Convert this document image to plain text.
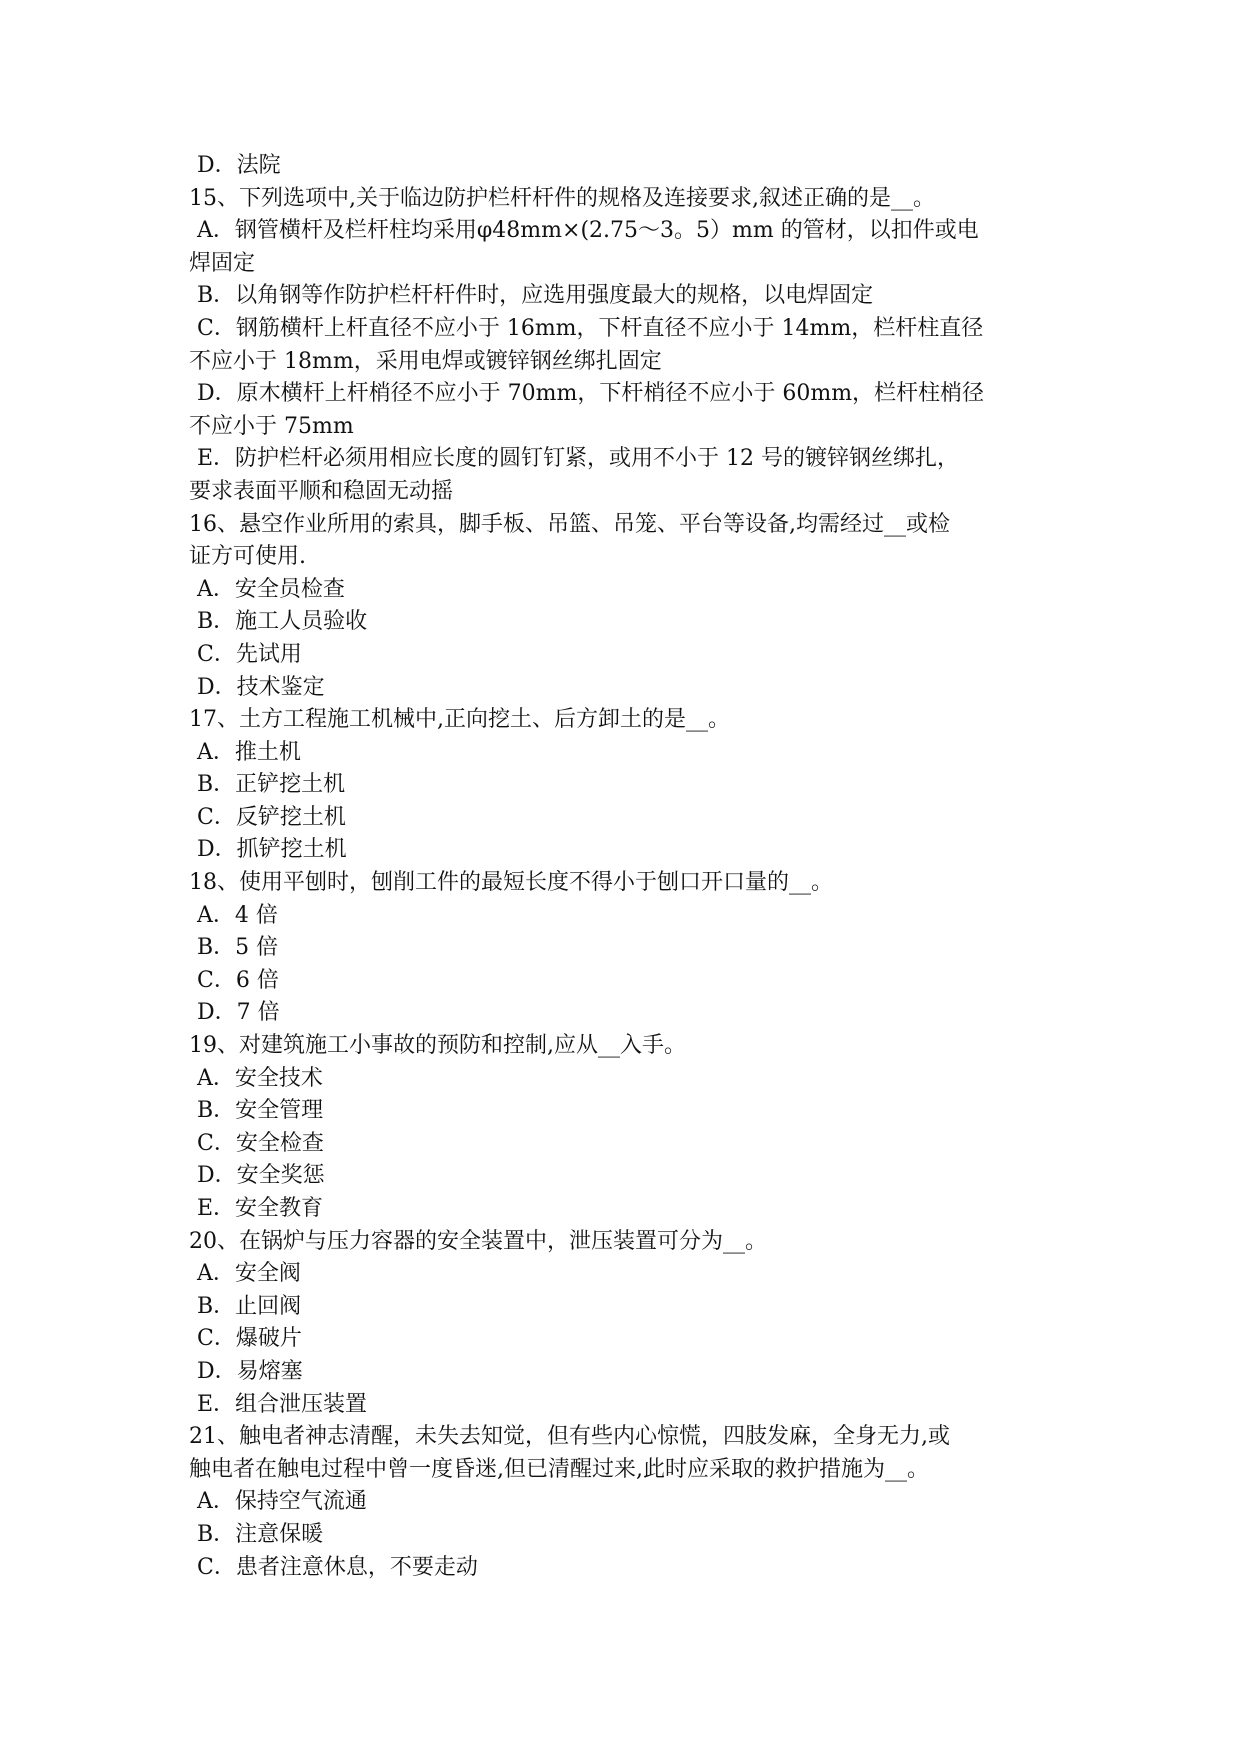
D．法院
15、下列选项中,关于临边防护栏杆杆件的规格及连接要求,叙述正确的是__。
A．钢管横杆及栏杆柱均采用φ48mm×(2.75～3。5）mm 的管材，以扣件或电
焊固定
B．以角钢等作防护栏杆杆件时，应选用强度最大的规格，以电焊固定
C．钢筋横杆上杆直径不应小于 16mm，下杆直径不应小于 14mm，栏杆柱直径
不应小于 18mm，采用电焊或镀锌钢丝绑扎固定
D．原木横杆上杆梢径不应小于 70mm，下杆梢径不应小于 60mm，栏杆柱梢径
不应小于 75mm
E．防护栏杆必须用相应长度的圆钉钉紧，或用不小于 12 号的镀锌钢丝绑扎，
要求表面平顺和稳固无动摇
16、悬空作业所用的索具，脚手板、吊篮、吊笼、平台等设备,均需经过__或检
证方可使用.
A．安全员检查
B．施工人员验收
C．先试用
D．技术鉴定
17、土方工程施工机械中,正向挖土、后方卸土的是__。
A．推土机
B．正铲挖土机
C．反铲挖土机
D．抓铲挖土机
18、使用平刨时，刨削工件的最短长度不得小于刨口开口量的__。
A．4 倍
B．5 倍
C．6 倍
D．7 倍
19、对建筑施工小事故的预防和控制,应从__入手。
A．安全技术
B．安全管理
C．安全检查
D．安全奖惩
E．安全教育
20、在锅炉与压力容器的安全装置中，泄压装置可分为__。
A．安全阀
B．止回阀
C．爆破片
D．易熔塞
E．组合泄压装置
21、触电者神志清醒，未失去知觉，但有些内心惊慌，四肢发麻，全身无力,或
触电者在触电过程中曾一度昏迷,但已清醒过来,此时应采取的救护措施为__。
A．保持空气流通
B．注意保暖
C．患者注意休息，不要走动
